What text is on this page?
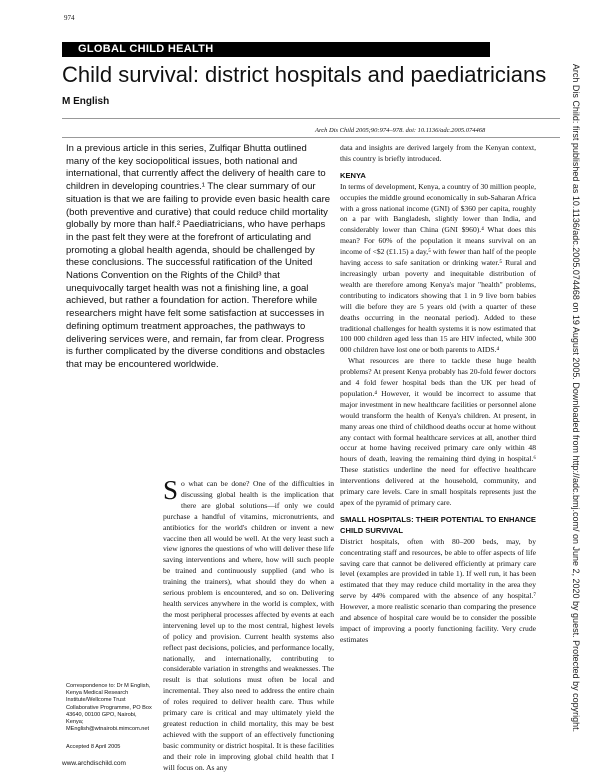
974
GLOBAL CHILD HEALTH
Child survival: district hospitals and paediatricians
M English
Arch Dis Child 2005;90:974–978. doi: 10.1136/adc.2005.074468
In a previous article in this series, Zulfiqar Bhutta outlined many of the key sociopolitical issues, both national and international, that currently affect the delivery of health care to children in developing countries.¹ The clear summary of our situation is that we are failing to provide even basic health care (both preventive and curative) that could reduce child mortality globally by more than half.² Paediatricians, who have perhaps in the past felt they were at the forefront of articulating and promoting a global health agenda, should be challenged by these conclusions. The successful ratification of the United Nations Convention on the Rights of the Child³ that unequivocally target health was not a finishing line, a goal achieved, but rather a foundation for action. Therefore while researchers might have felt some satisfaction at successes in defining optimum treatment approaches, the pathways to delivering services were, and remain, far from clear. Progress is further complicated by the diverse conditions and obstacles that may be encountered worldwide.

So what can be done? One of the difficulties in discussing global health is the implication that there are global solutions—if only we could purchase a handful of vitamins, micronutrients, and antibiotics for the world's children or invent a new vaccine then all would be well. At the very least such a view ignores the questions of who will deliver these life saving interventions and where, how will such people be trained and continuously supplied (and who is training the trainers), what should they do when a serious problem is encountered, and so on. Delivering health services anywhere in the world is complex, with the most peripheral processes affected by events at each intervening level up to the most central, highest levels of policy and provision. Current health systems also reflect past decisions, policies, and performance locally, nationally, and internationally, contributing to considerable variation in strengths and weaknesses. The result is that solutions must often be local and incremental. They also need to address the entire chain of roles required to deliver health care. Thus while primary care is critical and may ultimately yield the greatest reduction in child mortality, this may be best achieved with the support of an effectively functioning basic community or district hospital. It is these facilities and their role in improving global child health that I will focus on. As any

data and insights are derived largely from the Kenyan context, this country is briefly introduced.

KENYA

In terms of development, Kenya, a country of 30 million people, occupies the middle ground economically in sub-Saharan Africa with a gross national income (GNI) of $360 per capita, roughly on a par with Bangladesh, slightly lower than India, and considerably lower than China (GNI $960).⁴ What does this mean? For 60% of the population it means survival on an income of <$2 (£1.15) a day,⁵ with fewer than half of the people having access to safe sanitation or drinking water.⁵ Rural and increasingly urban poverty and inequitable distribution of wealth are therefore among Kenya's major "health" problems, contributing to indicators showing that 1 in 9 live born babies will die before they are 5 years old (with a quarter of these deaths occurring in the neonatal period). Added to these traditional challenges for health systems it is now estimated that 100 000 children aged less than 15 are HIV infected, while 300 000 children have lost one or both parents to AIDS.⁴

What resources are there to tackle these huge health problems? At present Kenya probably has 20-fold fewer doctors and 4 fold fewer hospital beds than the UK per head of population.⁴ However, it would be incorrect to assume that major investment in new healthcare facilities or personnel alone would transform the health of Kenya's children. At present, in many areas one third of childhood deaths occur at home without any contact with formal healthcare services at all, another third occur at home having received primary care only within 48 hours of death, leaving the remaining third dying in hospital.⁶ These statistics underline the need for effective healthcare interventions delivered at the household, community, and primary care levels. Care in small hospitals represents just the apex of the pyramid of primary care.

SMALL HOSPITALS: THEIR POTENTIAL TO ENHANCE CHILD SURVIVAL

District hospitals, often with 80–200 beds, may, by concentrating staff and resources, be able to offer aspects of life saving care that cannot be delivered efficiently at primary care level (examples are provided in table 1). If well run, it has been estimated that they may reduce child mortality in the area they serve by 44% compared with the absence of any hospital.⁷ However, a more realistic scenario than comparing the presence and absence of hospital care would be to consider the possible impact of improving a poorly functioning facility. Very crude estimates

Correspondence to: Dr M English, Kenya Medical Research Institute/Wellcome Trust Collaborative Programme, PO Box 43640, 00100 GPO, Nairobi, Kenya; MEnglish@wtnairobi.mimcom.net
Accepted 8 April 2005
www.archdischild.com
Arch Dis Child: first published as 10.1136/adc.2005.074468 on 19 August 2005. Downloaded from http://adc.bmj.com/ on June 2, 2020 by guest. Protected by copyright.
